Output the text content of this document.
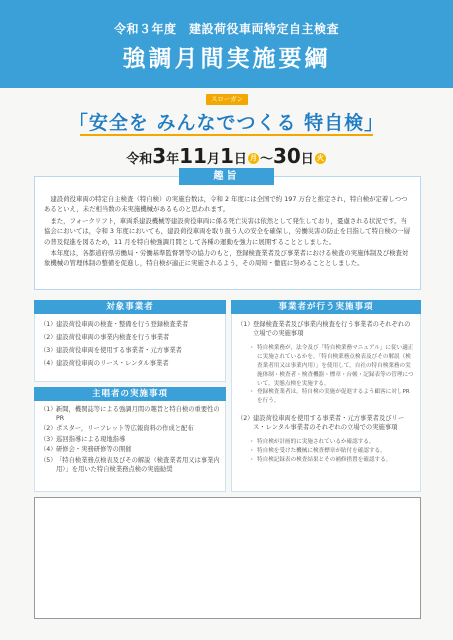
令和３年度　建設荷役車両特定自主検査
強調月間実施要綱
スローガン
「安全を みんなでつくる 特自検」
令和3年11月1日 月 ～30日 火
趣旨

建設荷役車両の特定自主検査（特自検）の実施台数は，令和 2 年度には全国で約 197 万台と推定され，特自検が定着しつつあるといえ，未だ相当数の未実施機械があるものと思われます。

また，フォークリフト，車両系建設機械等建設荷役車両に係る死亡災害は依然として発生しており，憂慮される状況です。当協会においては，令和 3 年度においても，建設荷役車両を取り扱う人の安全を確保し，労働災害の防止を目指して特自検の一層の普及促進を図るため，11 月を特自検強調月間として各種の運動を強力に展開することとしました。

本年度は，各都道府県労働局・労働基準監督署等の協力のもと，登録検査業者及び事業者における検査の実施体制及び検査対象機械の管理体制の整備を促進し，特自検が適正に実施されるよう，その周知・徹底に努めることとしました。

対象事業者
（1） 建設荷役車両の検査・整備を行う登録検査業者
（2） 建設荷役車両の事業内検査を行う事業者
（3） 建設荷役車両を使用する事業者・元方事業者
（4） 建設荷役車両のリース・レンタル事業者
主唱者の実施事項
（1） 新聞，機関誌等による強調月間の趣旨と特自検の重要性のPR
（2） ポスター，リーフレット等広報資料の作成と配布
（3） 巡回指導による現地指導
（4） 研修会・実務研修等の開催
（5） 「特自検業務点検表及びその解説（検査業者用又は事業内用）」を用いた特自検業務点検の実施勧奨
事業者が行う実施事項
（1） 登録検査業者及び事業内検査を行う事業者のそれぞれの立場での実施事項
・ 特自検業務が，法令及び「特自検業務マニュアル」に従い適正に実施されているかを，「特自検業務点検表及びその解説（検査業者用又は事業内用）」を使用して，自社の特自検業務の実施体制・検査者・検査機器・標章・台帳・記録表等の管理について，実態点検を実施する。
・ 登録検査業者は，特自検の実施が促進するよう顧客に対しPRを行う。
（2） 建設荷役車両を使用する事業者・元方事業者及びリース・レンタル事業者のそれぞれの立場での実施事項
・ 特自検が計画的に実施されているか確認する。
・ 特自検を受けた機械に検査標章が貼付を確認する。
・ 特自検記録表の検査結果とその補修措置を確認する。
